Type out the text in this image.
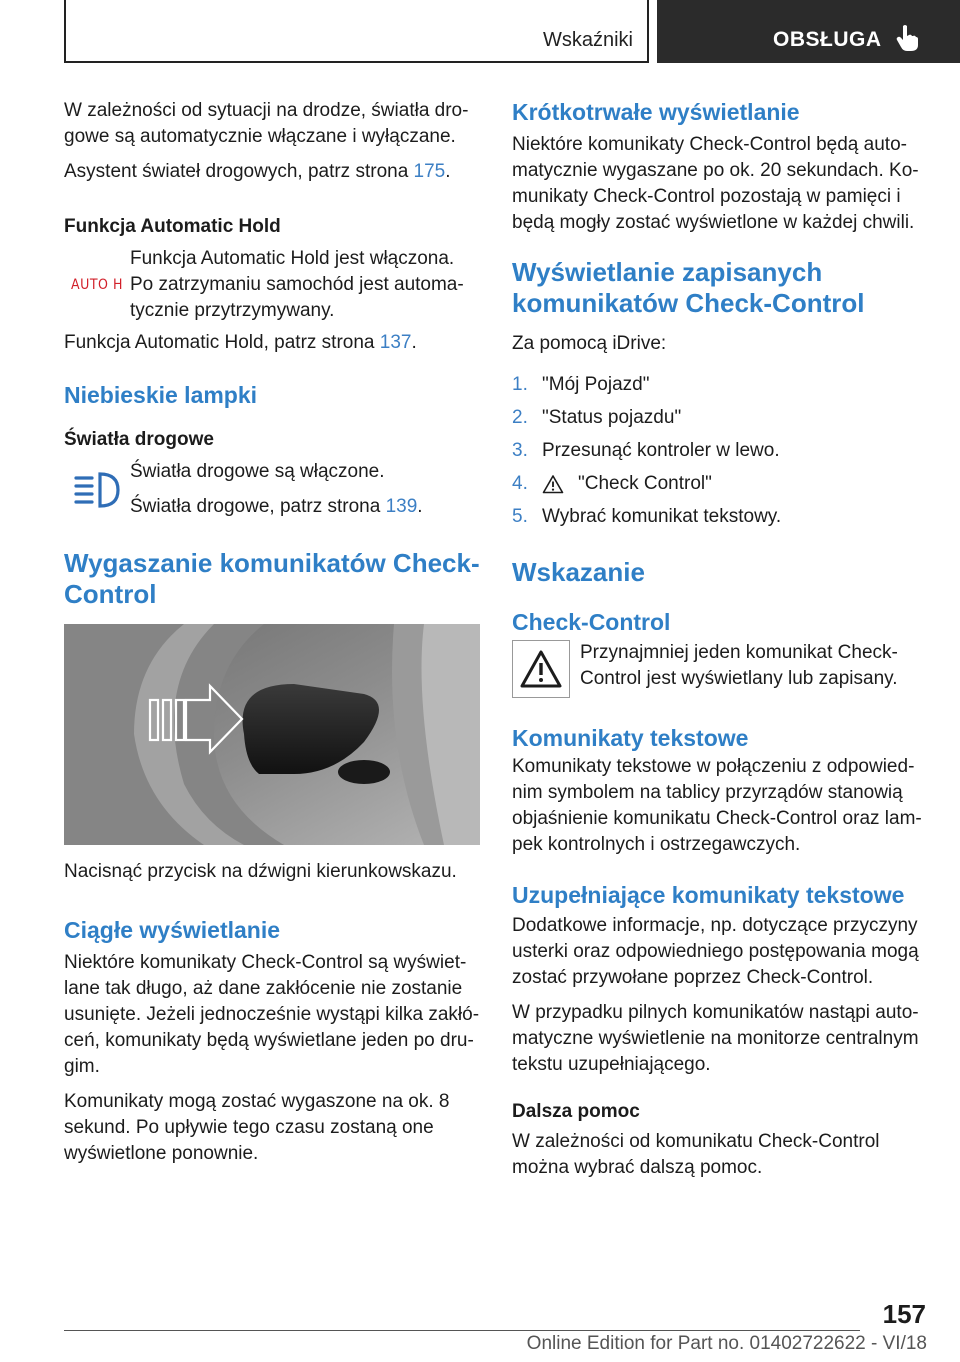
Wskaźniki	OBSŁUGA

W zależności od sytuacji na drodze, światła drogowe są automatycznie włączane i wyłączane.

Asystent świateł drogowych, patrz strona 175.

Funkcja Automatic Hold
AUTO H

Funkcja Automatic Hold jest włączona. Po zatrzymaniu samochód jest automatycznie przytrzymywany.

Funkcja Automatic Hold, patrz strona 137.

Niebieskie lampki
Światła drogowe

Światła drogowe są włączone.

Światła drogowe, patrz strona 139.

Wygaszanie komunikatów Check-Control

Nacisnąć przycisk na dźwigni kierunkowskazu.

Ciągłe wyświetlanie

Niektóre komunikaty Check-Control są wyświetlane tak długo, aż dane zakłócenie nie zostanie usunięte. Jeżeli jednocześnie wystąpi kilka zakłóceń, komunikaty będą wyświetlane jeden po drugim.

Komunikaty mogą zostać wygaszone na ok. 8 sekund. Po upływie tego czasu zostaną one wyświetlone ponownie.

Krótkotrwałe wyświetlanie

Niektóre komunikaty Check-Control będą automatycznie wygaszane po ok. 20 sekundach. Komunikaty Check-Control pozostają w pamięci i będą mogły zostać wyświetlone w każdej chwili.

Wyświetlanie zapisanych komunikatów Check-Control

Za pomocą iDrive:

1. "Mój Pojazd"
2. "Status pojazdu"
3. Przesunąć kontroler w lewo.
4.	"Check Control"
5. Wybrać komunikat tekstowy.
Wskazanie
Check-Control

Przynajmniej jeden komunikat Check-Control jest wyświetlany lub zapisany.

Komunikaty tekstowe

Komunikaty tekstowe w połączeniu z odpowiednim symbolem na tablicy przyrządów stanowią objaśnienie komunikatu Check-Control oraz lampek kontrolnych i ostrzegawczych.

Uzupełniające komunikaty tekstowe

Dodatkowe informacje, np. dotyczące przyczyny usterki oraz odpowiedniego postępowania mogą zostać przywołane poprzez Check-Control.

W przypadku pilnych komunikatów nastąpi automatyczne wyświetlenie na monitorze centralnym tekstu uzupełniającego.

Dalsza pomoc

W zależności od komunikatu Check-Control można wybrać dalszą pomoc.

157
Online Edition for Part no. 01402722622 - VI/18
